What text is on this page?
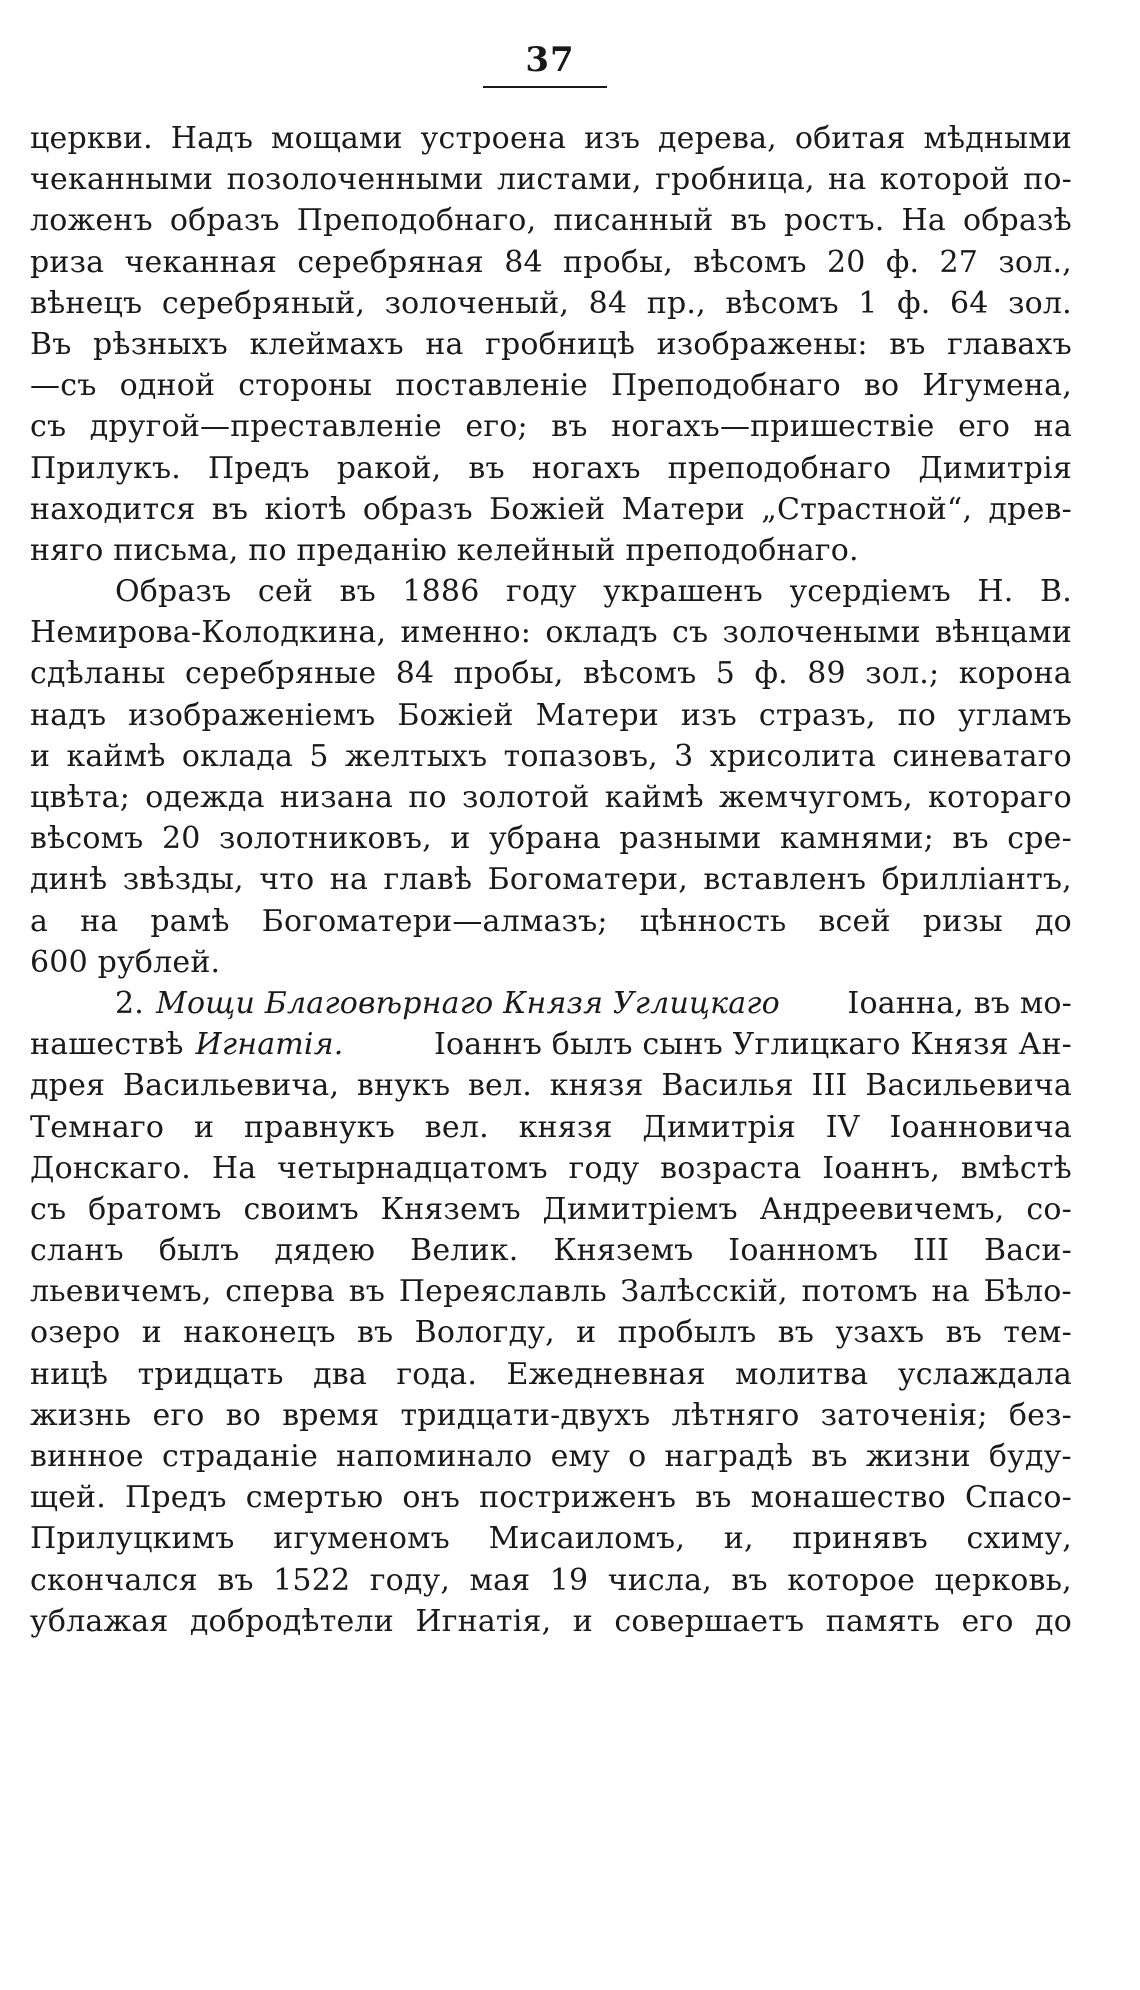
37
церкви. Надъ мощами устроена изъ дерева, обитая мѣдными
чеканными позолоченными листами, гробница, на которой по-
ложенъ образъ Преподобнаго, писанный въ ростъ. На образѣ
риза чеканная серебряная 84 пробы, вѣсомъ 20 ф. 27 зол.,
вѣнецъ серебряный, золоченый, 84 пр., вѣсомъ 1 ф. 64 зол.
Въ рѣзныхъ клеймахъ на гробницѣ изображены: въ главахъ
—съ одной стороны поставленіе Преподобнаго во Игумена,
съ другой—преставленіе его; въ ногахъ—пришествіе его на
Прилукъ. Предъ ракой, въ ногахъ преподобнаго Димитрія
находится въ кіотѣ образъ Божіей Матери „Страстной“, древ-
няго письма, по преданію келейный преподобнаго.
Образъ сей въ 1886 году украшенъ усердіемъ Н. В.
Немирова-Колодкина, именно: окладъ съ золочеными вѣнцами
сдѣланы серебряные 84 пробы, вѣсомъ 5 ф. 89 зол.; корона
надъ изображеніемъ Божіей Матери изъ стразъ, по угламъ
и каймѣ оклада 5 желтыхъ топазовъ, 3 хрисолита синеватаго
цвѣта; одежда низана по золотой каймѣ жемчугомъ, котораго
вѣсомъ 20 золотниковъ, и убрана разными камнями; въ сре-
динѣ звѣзды, что на главѣ Богоматери, вставленъ брилліантъ,
а на рамѣ Богоматери—алмазъ; цѣнность всей ризы до
600 рублей.
2. Мощи Благовѣрнаго Князя Углицкаго Іоанна, въ мо-
нашествѣ Игнатія.	Іоаннъ былъ сынъ Углицкаго Князя Ан-
дрея Васильевича, внукъ вел. князя Василья III Васильевича
Темнаго и правнукъ вел. князя Димитрія IV Іоанновича
Донскаго. На четырнадцатомъ году возраста Іоаннъ, вмѣстѣ
съ братомъ своимъ Княземъ Димитріемъ Андреевичемъ, со-
сланъ былъ дядею Велик. Княземъ Іоанномъ III Васи-
льевичемъ, сперва въ Переяславль Залѣсскій, потомъ на Бѣло-
озеро и наконецъ въ Вологду, и пробылъ въ узахъ въ тем-
ницѣ тридцать два года. Ежедневная молитва услаждала
жизнь его во время тридцати-двухъ лѣтняго заточенія; без-
винное страданіе напоминало ему о наградѣ въ жизни буду-
щей. Предъ смертью онъ постриженъ въ монашество Спасо-
Прилуцкимъ игуменомъ Мисаиломъ, и, принявъ схиму,
скончался въ 1522 году, мая 19 числа, въ которое церковь,
ублажая добродѣтели Игнатія, и совершаетъ память его до
